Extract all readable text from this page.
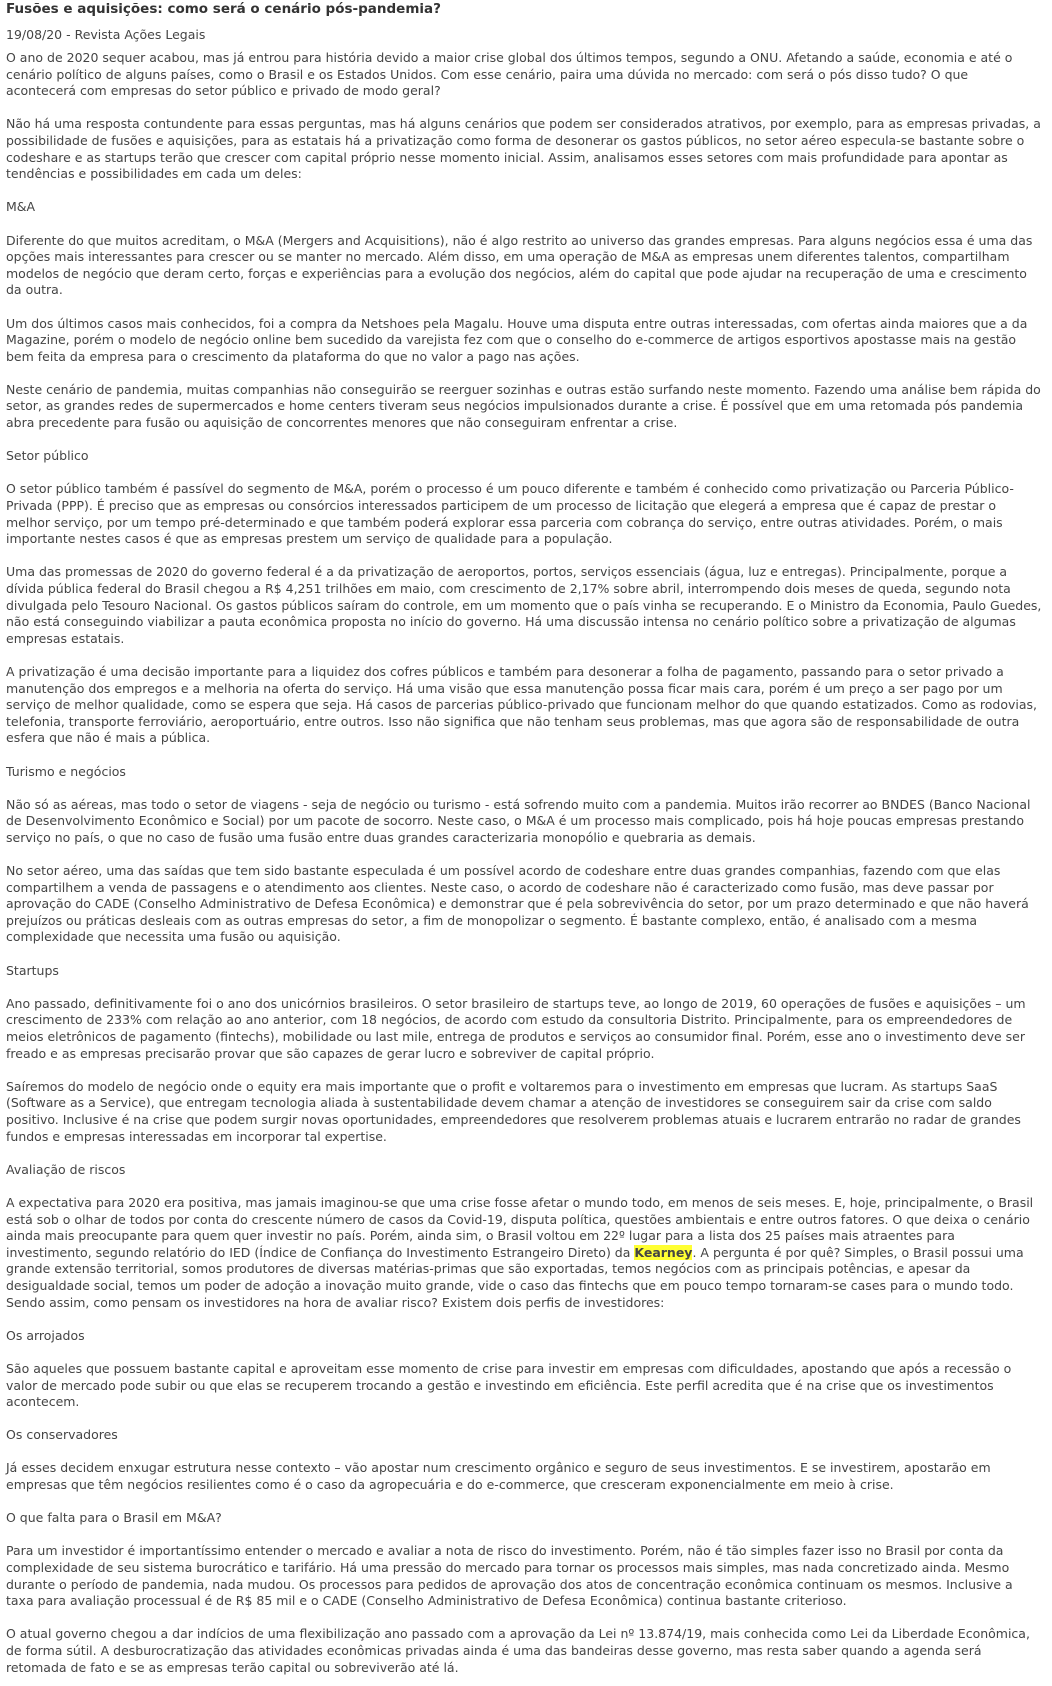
Fusões e aquisições: como será o cenário pós-pandemia?
19/08/20 - Revista Ações Legais
O ano de 2020 sequer acabou, mas já entrou para história devido a maior crise global dos últimos tempos, segundo a ONU. Afetando a saúde, economia e até o cenário político de alguns países, como o Brasil e os Estados Unidos. Com esse cenário, paira uma dúvida no mercado: com será o pós disso tudo? O que acontecerá com empresas do setor público e privado de modo geral?
Não há uma resposta contundente para essas perguntas, mas há alguns cenários que podem ser considerados atrativos, por exemplo, para as empresas privadas, a possibilidade de fusões e aquisições, para as estatais há a privatização como forma de desonerar os gastos públicos, no setor aéreo especula-se bastante sobre o codeshare e as startups terão que crescer com capital próprio nesse momento inicial. Assim, analisamos esses setores com mais profundidade para apontar as tendências e possibilidades em cada um deles:
M&A
Diferente do que muitos acreditam, o M&A (Mergers and Acquisitions), não é algo restrito ao universo das grandes empresas. Para alguns negócios essa é uma das opções mais interessantes para crescer ou se manter no mercado. Além disso, em uma operação de M&A as empresas unem diferentes talentos, compartilham modelos de negócio que deram certo, forças e experiências para a evolução dos negócios, além do capital que pode ajudar na recuperação de uma e crescimento da outra.
Um dos últimos casos mais conhecidos, foi a compra da Netshoes pela Magalu. Houve uma disputa entre outras interessadas, com ofertas ainda maiores que a da Magazine, porém o modelo de negócio online bem sucedido da varejista fez com que o conselho do e-commerce de artigos esportivos apostasse mais na gestão bem feita da empresa para o crescimento da plataforma do que no valor a pago nas ações.
Neste cenário de pandemia, muitas companhias não conseguirão se reerguer sozinhas e outras estão surfando neste momento. Fazendo uma análise bem rápida do setor, as grandes redes de supermercados e home centers tiveram seus negócios impulsionados durante a crise. É possível que em uma retomada pós pandemia abra precedente para fusão ou aquisição de concorrentes menores que não conseguiram enfrentar a crise.
Setor público
O setor público também é passível do segmento de M&A, porém o processo é um pouco diferente e também é conhecido como privatização ou Parceria Público-Privada (PPP). É preciso que as empresas ou consórcios interessados participem de um processo de licitação que elegerá a empresa que é capaz de prestar o melhor serviço, por um tempo pré-determinado e que também poderá explorar essa parceria com cobrança do serviço, entre outras atividades. Porém, o mais importante nestes casos é que as empresas prestem um serviço de qualidade para a população.
Uma das promessas de 2020 do governo federal é a da privatização de aeroportos, portos, serviços essenciais (água, luz e entregas). Principalmente, porque a dívida pública federal do Brasil chegou a R$ 4,251 trilhões em maio, com crescimento de 2,17% sobre abril, interrompendo dois meses de queda, segundo nota divulgada pelo Tesouro Nacional. Os gastos públicos saíram do controle, em um momento que o país vinha se recuperando. E o Ministro da Economia, Paulo Guedes, não está conseguindo viabilizar a pauta econômica proposta no início do governo. Há uma discussão intensa no cenário político sobre a privatização de algumas empresas estatais.
A privatização é uma decisão importante para a liquidez dos cofres públicos e também para desonerar a folha de pagamento, passando para o setor privado a manutenção dos empregos e a melhoria na oferta do serviço. Há uma visão que essa manutenção possa ficar mais cara, porém é um preço a ser pago por um serviço de melhor qualidade, como se espera que seja. Há casos de parcerias público-privado que funcionam melhor do que quando estatizados. Como as rodovias, telefonia, transporte ferroviário, aeroportuário, entre outros. Isso não significa que não tenham seus problemas, mas que agora são de responsabilidade de outra esfera que não é mais a pública.
Turismo e negócios
Não só as aéreas, mas todo o setor de viagens - seja de negócio ou turismo - está sofrendo muito com a pandemia. Muitos irão recorrer ao BNDES (Banco Nacional de Desenvolvimento Econômico e Social) por um pacote de socorro. Neste caso, o M&A é um processo mais complicado, pois há hoje poucas empresas prestando serviço no país, o que no caso de fusão uma fusão entre duas grandes caracterizaria monopólio e quebraria as demais.
No setor aéreo, uma das saídas que tem sido bastante especulada é um possível acordo de codeshare entre duas grandes companhias, fazendo com que elas compartilhem a venda de passagens e o atendimento aos clientes. Neste caso, o acordo de codeshare não é caracterizado como fusão, mas deve passar por aprovação do CADE (Conselho Administrativo de Defesa Econômica) e demonstrar que é pela sobrevivência do setor, por um prazo determinado e que não haverá prejuízos ou práticas desleais com as outras empresas do setor, a fim de monopolizar o segmento. É bastante complexo, então, é analisado com a mesma complexidade que necessita uma fusão ou aquisição.
Startups
Ano passado, definitivamente foi o ano dos unicórnios brasileiros. O setor brasileiro de startups teve, ao longo de 2019, 60 operações de fusões e aquisições – um crescimento de 233% com relação ao ano anterior, com 18 negócios, de acordo com estudo da consultoria Distrito. Principalmente, para os empreendedores de meios eletrônicos de pagamento (fintechs), mobilidade ou last mile, entrega de produtos e serviços ao consumidor final. Porém, esse ano o investimento deve ser freado e as empresas precisarão provar que são capazes de gerar lucro e sobreviver de capital próprio.
Saíremos do modelo de negócio onde o equity era mais importante que o profit e voltaremos para o investimento em empresas que lucram. As startups SaaS (Software as a Service), que entregam tecnologia aliada à sustentabilidade devem chamar a atenção de investidores se conseguirem sair da crise com saldo positivo. Inclusive é na crise que podem surgir novas oportunidades, empreendedores que resolverem problemas atuais e lucrarem entrarão no radar de grandes fundos e empresas interessadas em incorporar tal expertise.
Avaliação de riscos
A expectativa para 2020 era positiva, mas jamais imaginou-se que uma crise fosse afetar o mundo todo, em menos de seis meses. E, hoje, principalmente, o Brasil está sob o olhar de todos por conta do crescente número de casos da Covid-19, disputa política, questões ambientais e entre outros fatores. O que deixa o cenário ainda mais preocupante para quem quer investir no país. Porém, ainda sim, o Brasil voltou em 22º lugar para a lista dos 25 países mais atraentes para investimento, segundo relatório do IED (Índice de Confiança do Investimento Estrangeiro Direto) da Kearney. A pergunta é por quê? Simples, o Brasil possui uma grande extensão territorial, somos produtores de diversas matérias-primas que são exportadas, temos negócios com as principais potências, e apesar da desigualdade social, temos um poder de adoção a inovação muito grande, vide o caso das fintechs que em pouco tempo tornaram-se cases para o mundo todo. Sendo assim, como pensam os investidores na hora de avaliar risco? Existem dois perfis de investidores:
Os arrojados
São aqueles que possuem bastante capital e aproveitam esse momento de crise para investir em empresas com dificuldades, apostando que após a recessão o valor de mercado pode subir ou que elas se recuperem trocando a gestão e investindo em eficiência. Este perfil acredita que é na crise que os investimentos acontecem.
Os conservadores
Já esses decidem enxugar estrutura nesse contexto – vão apostar num crescimento orgânico e seguro de seus investimentos. E se investirem, apostarão em empresas que têm negócios resilientes como é o caso da agropecuária e do e-commerce, que cresceram exponencialmente em meio à crise.
O que falta para o Brasil em M&A?
Para um investidor é importantíssimo entender o mercado e avaliar a nota de risco do investimento. Porém, não é tão simples fazer isso no Brasil por conta da complexidade de seu sistema burocrático e tarifário. Há uma pressão do mercado para tornar os processos mais simples, mas nada concretizado ainda. Mesmo durante o período de pandemia, nada mudou. Os processos para pedidos de aprovação dos atos de concentração econômica continuam os mesmos. Inclusive a taxa para avaliação processual é de R$ 85 mil e o CADE (Conselho Administrativo de Defesa Econômica) continua bastante criterioso.
O atual governo chegou a dar indícios de uma flexibilização ano passado com a aprovação da Lei nº 13.874/19, mais conhecida como Lei da Liberdade Econômica, de forma sútil. A desburocratização das atividades econômicas privadas ainda é uma das bandeiras desse governo, mas resta saber quando a agenda será retomada de fato e se as empresas terão capital ou sobreviverão até lá.
